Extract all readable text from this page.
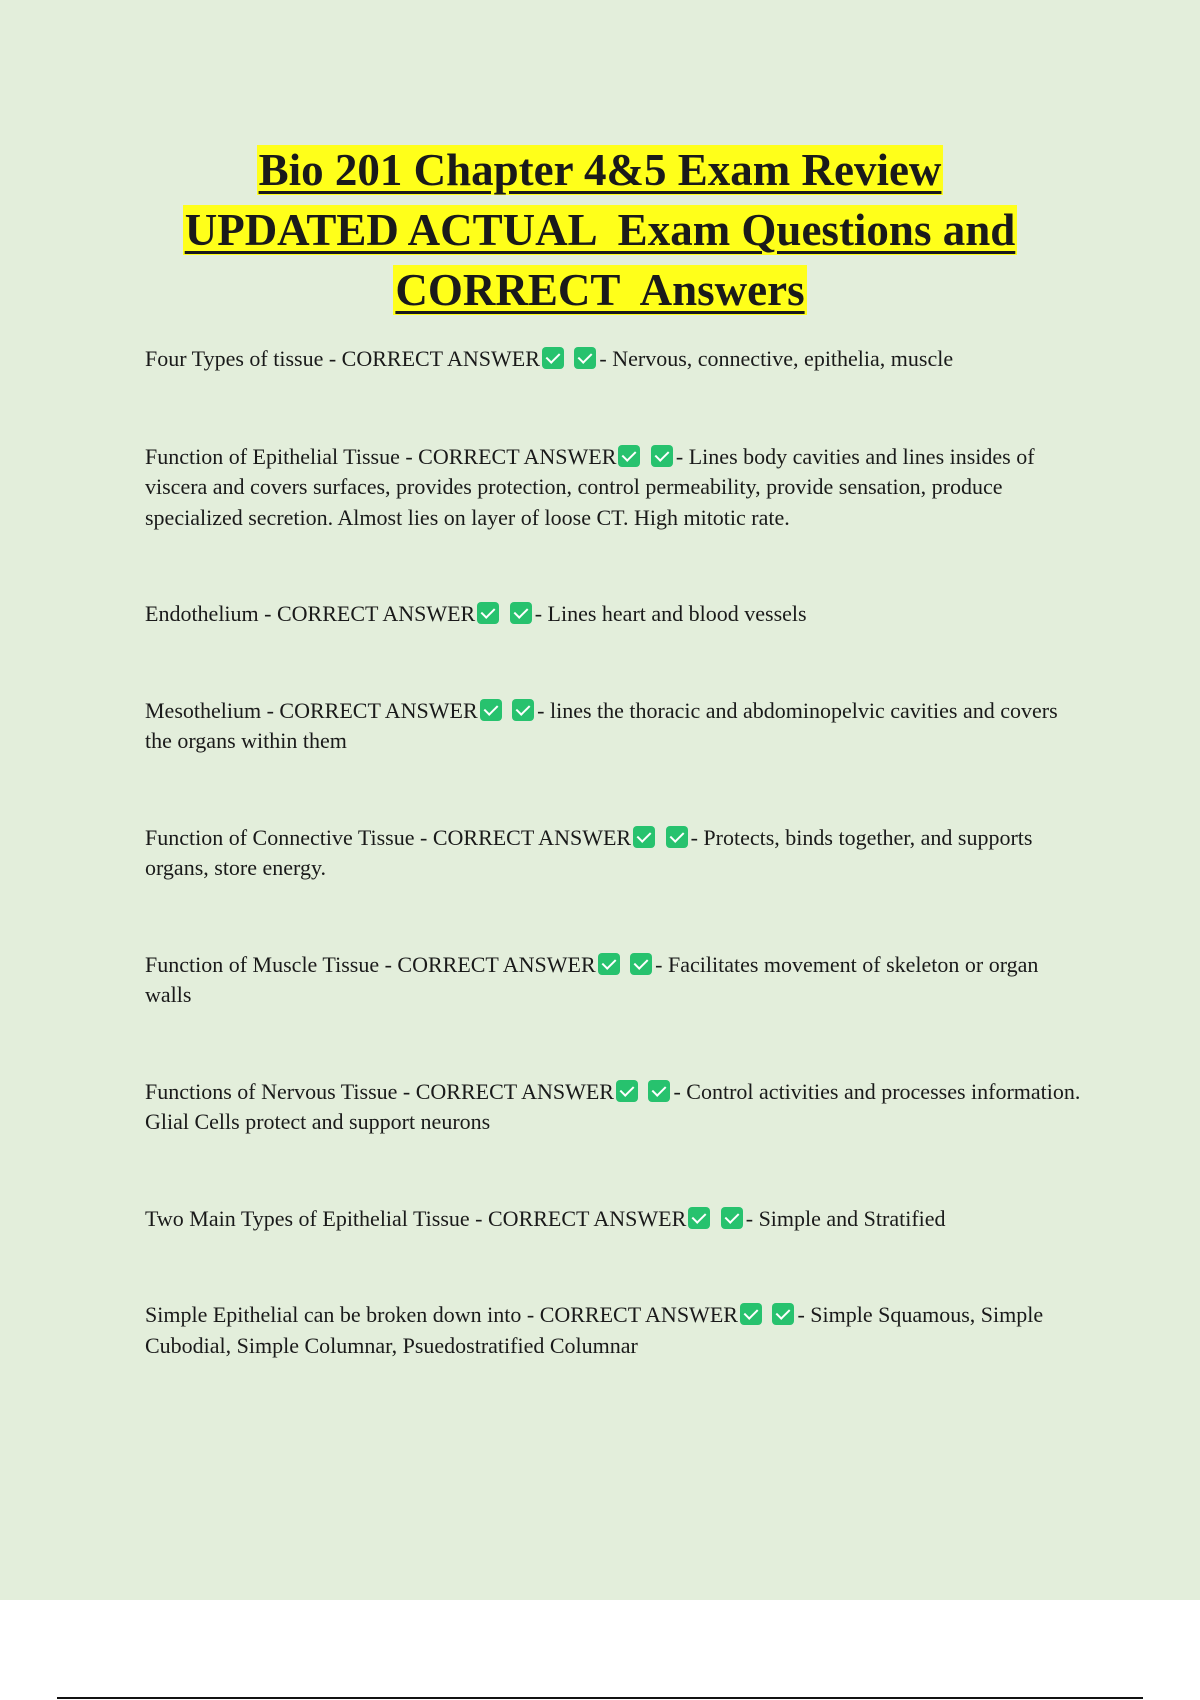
Bio 201 Chapter 4&5 Exam Review
UPDATED ACTUAL  Exam Questions and
CORRECT  Answers

Four Types of tissue - CORRECT ANSWER	- Nervous, connective, epithelia, muscle

Function of Epithelial Tissue - CORRECT ANSWER	- Lines body cavities and lines insides of viscera and covers surfaces, provides protection, control permeability, provide sensation, produce specialized secretion. Almost lies on layer of loose CT. High mitotic rate.

Endothelium - CORRECT ANSWER	- Lines heart and blood vessels

Mesothelium - CORRECT ANSWER	- lines the thoracic and abdominopelvic cavities and covers the organs within them

Function of Connective Tissue - CORRECT ANSWER	- Protects, binds together, and supports organs, store energy.

Function of Muscle Tissue - CORRECT ANSWER	- Facilitates movement of skeleton or organ walls

Functions of Nervous Tissue - CORRECT ANSWER	- Control activities and processes information. Glial Cells protect and support neurons

Two Main Types of Epithelial Tissue - CORRECT ANSWER	- Simple and Stratified

Simple Epithelial can be broken down into - CORRECT ANSWER	- Simple Squamous, Simple Cubodial, Simple Columnar, Psuedostratified Columnar
